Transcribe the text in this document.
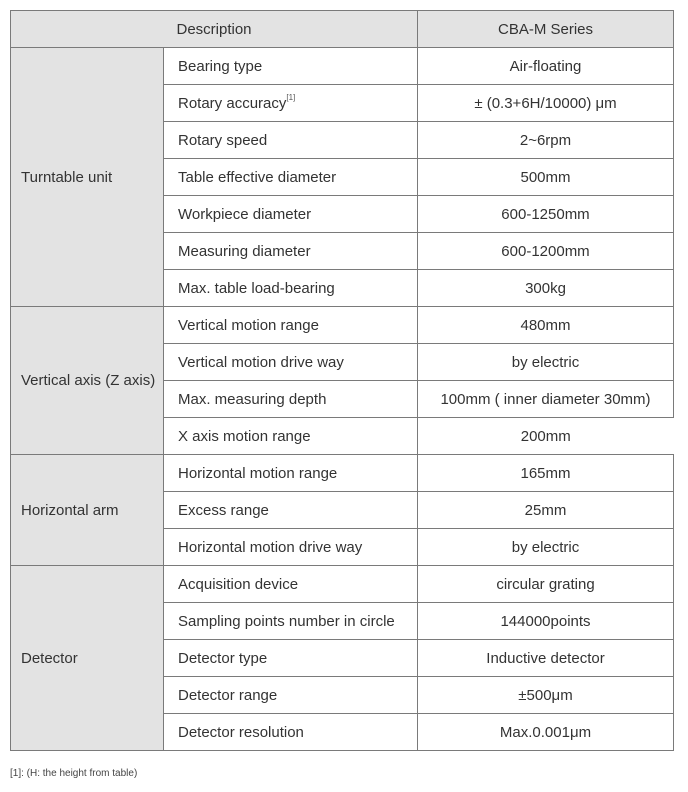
Description		CBA-M Series
Turntable unit	Bearing type	Air-floating
	Rotary accuracy[1]	± (0.3+6H/10000) μm
	Rotary speed	2~6rpm
	Table effective diameter	500mm
	Workpiece diameter	600-1250mm
	Measuring diameter	600-1200mm
	Max. table load-bearing	300kg
Vertical axis (Z axis)	Vertical motion range	480mm
	Vertical motion drive way	by electric
	Max. measuring depth	100mm ( inner diameter 30mm)
	X axis motion range	200mm
Horizontal arm	Horizontal motion range	165mm
	Excess range	25mm
	Horizontal motion drive way	by electric
Detector	Acquisition device	circular grating
	Sampling points number in circle	144000points
	Detector type	Inductive detector
	Detector range	±500μm
	Detector resolution	Max.0.001μm
[1]: (H: the height from table)
